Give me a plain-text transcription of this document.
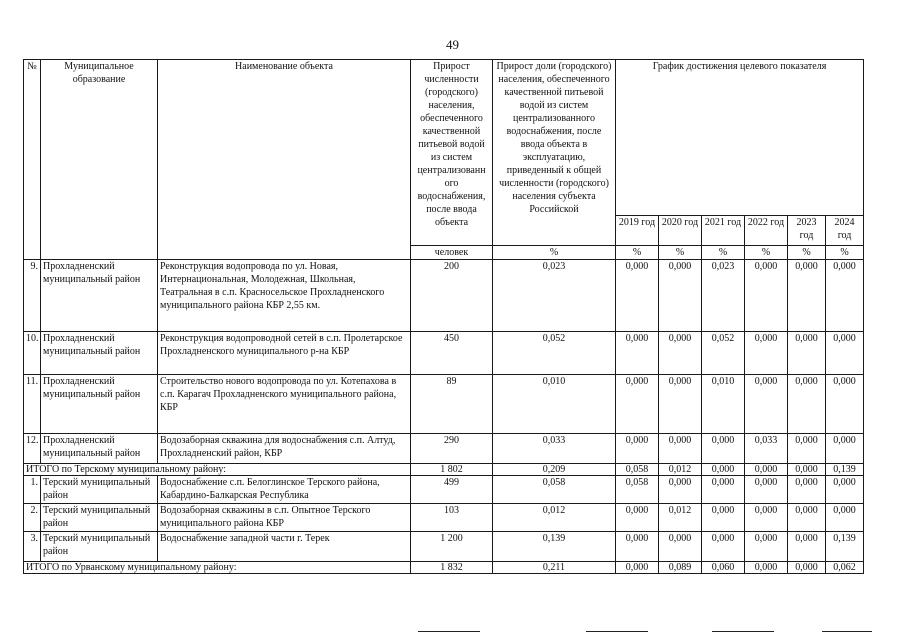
49
№	Муниципальное образование	Наименование объекта	Прирост численности (городского) населения, обеспеченного качественной питьевой водой из систем централизованн ого водоснабжения, после ввода объекта	Прирост доли (городского) населения, обеспеченного качественной питьевой водой из систем централизованного водоснабжения, после ввода объекта в эксплуатацию, приведенный к общей численности (городского) населения субъекта Российской	График достижения целевого показателя					
					2019 год	2020 год	2021 год	2022 год	2023 год	2024 год
			человек	%	%	%	%	%	%	%
9.	Прохладненский муниципальный район	Реконструкция водопровода по ул. Новая, Интернациональная, Молодежная, Школьная, Театральная в с.п. Красносельское Прохладненского муниципального района КБР 2,55 км.	200	0,023	0,000	0,000	0,023	0,000	0,000	0,000
10.	Прохладненский муниципальный район	Реконструкция водопроводной сетей в с.п. Пролетарское Прохладненского муниципального р-на КБР	450	0,052	0,000	0,000	0,052	0,000	0,000	0,000
11.	Прохладненский муниципальный район	Строительство нового водопровода по ул. Котепахова в с.п. Карагач Прохладненского муниципального района, КБР	89	0,010	0,000	0,000	0,010	0,000	0,000	0,000
12.	Прохладненский муниципальный район	Водозаборная скважина для водоснабжения с.п. Алтуд, Прохладненский район, КБР	290	0,033	0,000	0,000	0,000	0,033	0,000	0,000
ИТОГО по Терскому муниципальному району:			1 802	0,209	0,058	0,012	0,000	0,000	0,000	0,139
1.	Терский муниципальный район	Водоснабжение с.п. Белоглинское Терского района, Кабардино-Балкарская Республика	499	0,058	0,058	0,000	0,000	0,000	0,000	0,000
2.	Терский муниципальный район	Водозаборная скважины в с.п. Опытное Терского муниципального района КБР	103	0,012	0,000	0,012	0,000	0,000	0,000	0,000
3.	Терский муниципальный район	Водоснабжение западной части г. Терек	1 200	0,139	0,000	0,000	0,000	0,000	0,000	0,139
ИТОГО по Урванскому муниципальному району:			1 832	0,211	0,000	0,089	0,060	0,000	0,000	0,062
